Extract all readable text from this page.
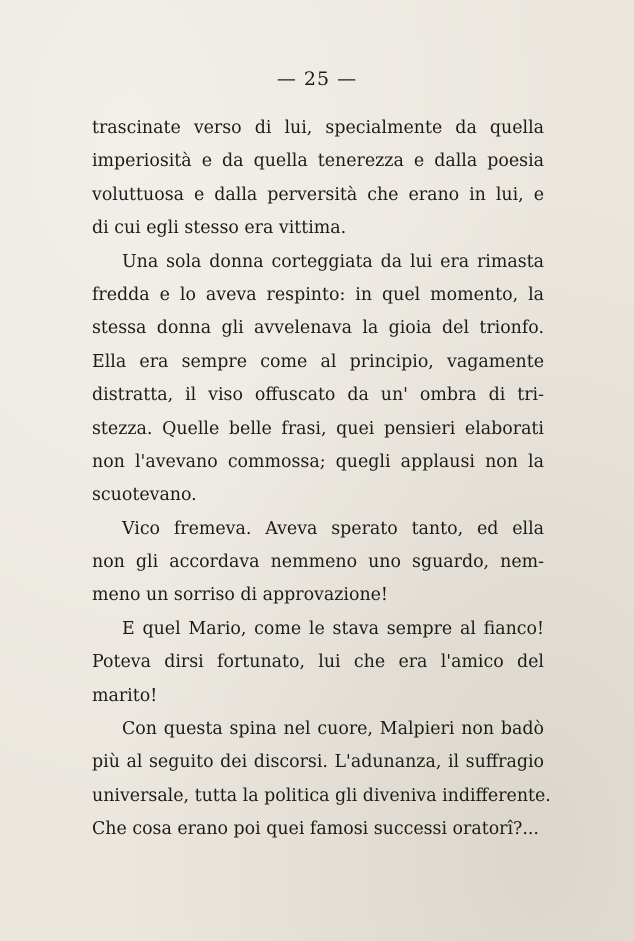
— 25 —
trascinate verso di lui, specialmente da quella
imperiosità e da quella tenerezza e dalla poesia
voluttuosa e dalla perversità che erano in lui, e
di cui egli stesso era vittima.
Una sola donna corteggiata da lui era rimasta
fredda e lo aveva respinto: in quel momento, la
stessa donna gli avvelenava la gioia del trionfo.
Ella era sempre come al principio, vagamente
distratta, il viso offuscato da un' ombra di tri-
stezza. Quelle belle frasi, quei pensieri elaborati
non l'avevano commossa; quegli applausi non la
scuotevano.
Vico fremeva. Aveva sperato tanto, ed ella
non gli accordava nemmeno uno sguardo, nem-
meno un sorriso di approvazione!
E quel Mario, come le stava sempre al fianco!
Poteva dirsi fortunato, lui che era l'amico del
marito!
Con questa spina nel cuore, Malpieri non badò
più al seguito dei discorsi. L'adunanza, il suffragio
universale, tutta la politica gli diveniva indifferente.
Che cosa erano poi quei famosi successi oratorî?...
